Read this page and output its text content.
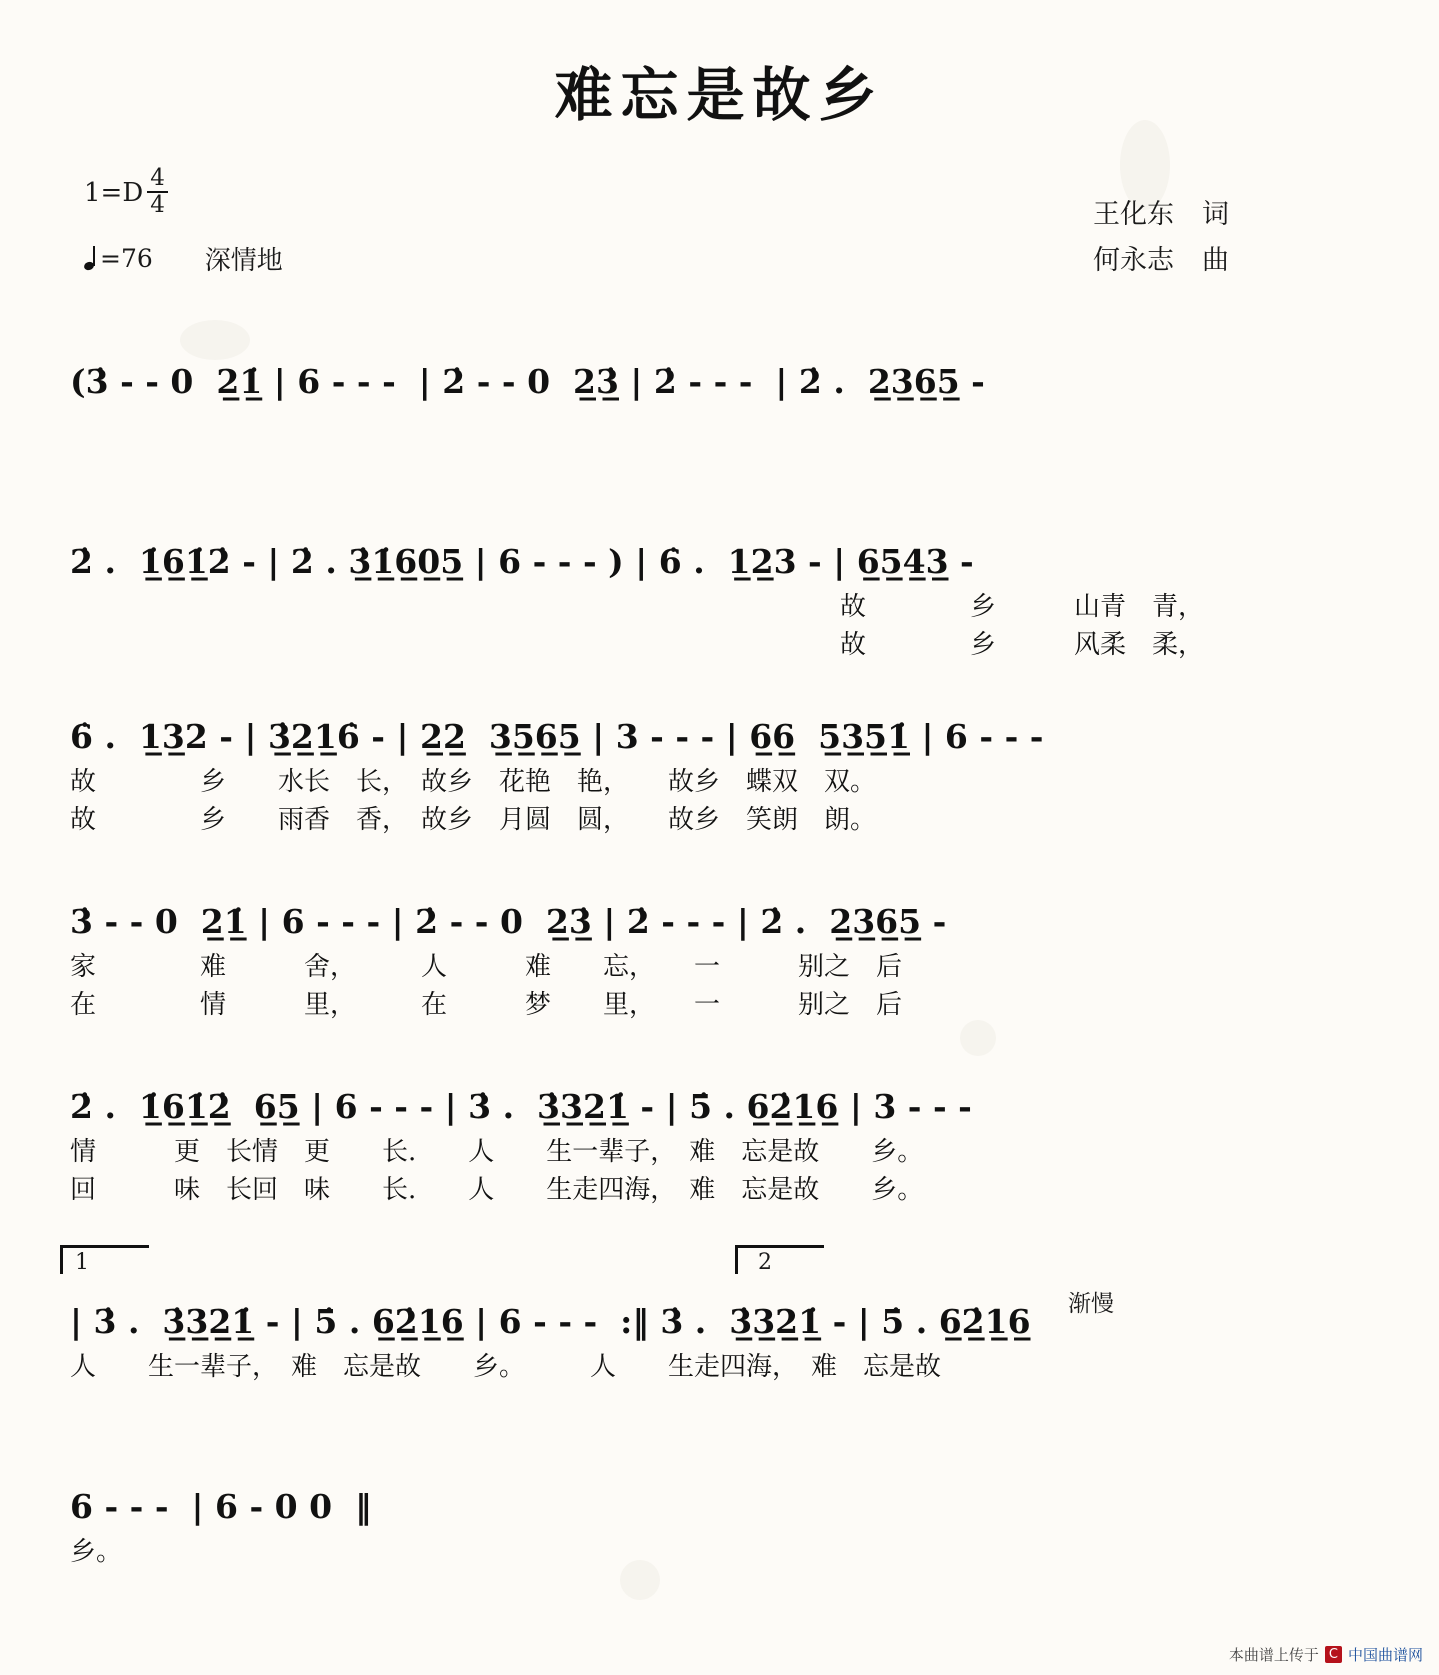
难忘是故乡
$1=D \frac{4}{4}$
=76 深情地
王化东 词
何永志 曲
(3̇ - - 0  2̲1̲̇ | 6 - - -  | 2̇ - - 0  2̲3̲̇ | 2̇ - - -  | 2̇ .  2̲3̲6̲5̲ -
2̇ .  1̲̇6̲1̲̇2̇ - | 2̇ . 3̲̇1̲̇6̲0̲5̲ | 6 - - - ) | 6̇ .  1̲2̲3 - | 6̲5̲4̲3̲ -
故　　　　乡　　　山青　青，
故　　　　乡　　　风柔　柔，
6̇ .  1̲3̲2 - | 3̲̇2̲1̲6̇ - | 2̲2̲  3̲5̲6̲5̲ | 3 - - - | 6̲6̲  5̲3̲5̲1̲̇ | 6 - - -
故　　　　乡　　水长　长，　故乡　花艳　艳，　　故乡　蝶双　双。
故　　　　乡　　雨香　香，　故乡　月圆　圆，　　故乡　笑朗　朗。
3̇ - - 0  2̲1̲̇ | 6 - - - | 2̇ - - 0  2̲3̲̇ | 2̇ - - - | 2̇ .  2̲3̲6̲5̲ -
家　　　　难　　　舍，　　　人　　　难　　忘，　　一　　　别之　后
在　　　　情　　　里，　　　在　　　梦　　里，　　一　　　别之　后
2̇ .  1̲̇6̲1̲̇2̲̇  6̲5̲ | 6 - - - | 3̇ .  3̲̇3̲2̲1̲̇ - | 5̇ . 6̲2̲̇1̲6̲ | 3 - - -
情　　　更　长情　更　　长.　　人　　生一辈子，　难　忘是故　　乡。
回　　　味　长回　味　　长.　　人　　生走四海，　难　忘是故　　乡。
1	2
渐慢
| 3̇ .  3̲̇3̲2̲1̲̇ - | 5̇ . 6̲2̲̇1̲6̲ | 6 - - -  :‖ 3̇ .  3̲̇3̲2̲1̲̇ - | 5̇ . 6̲2̲̇1̲6̲
人　　生一辈子，　难　忘是故　　乡。　　　人　　生走四海，　难　忘是故
6 - - -  | 6 - 0 0  ‖
乡。
本曲谱上传于 C 中国曲谱网
